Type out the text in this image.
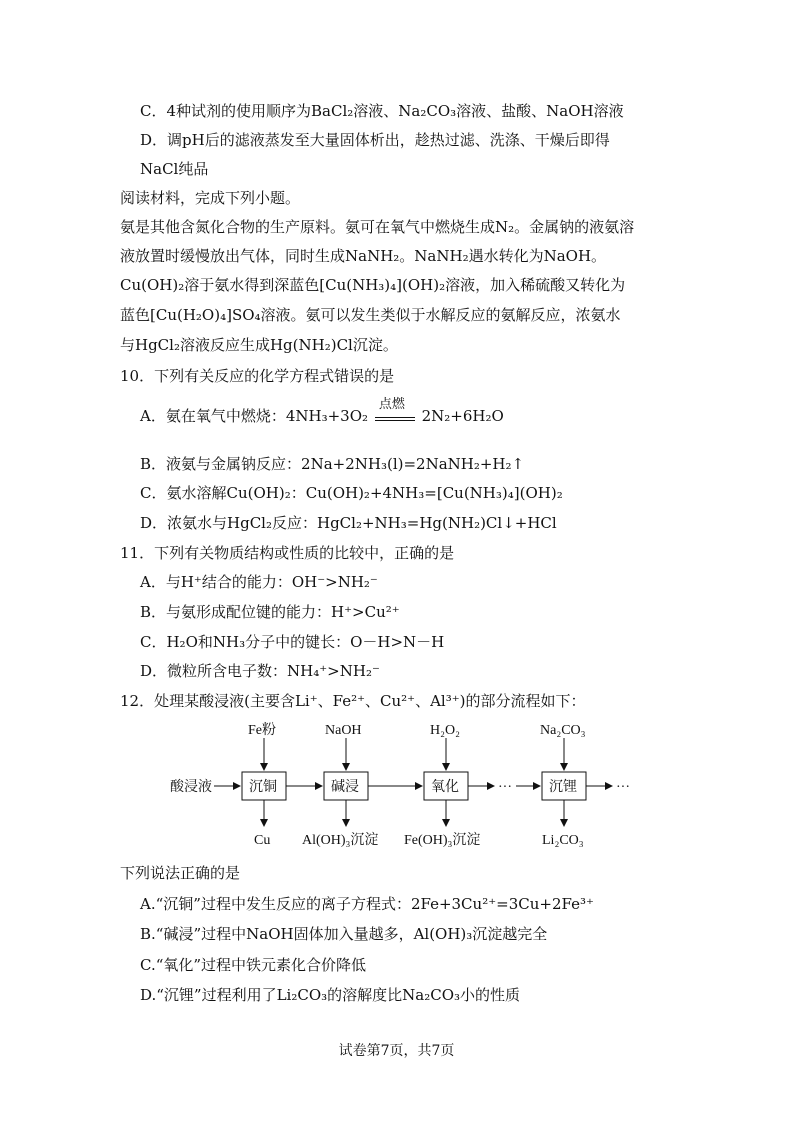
C．4种试剂的使用顺序为BaCl₂溶液、Na₂CO₃溶液、盐酸、NaOH溶液
D．调pH后的滤液蒸发至大量固体析出，趁热过滤、洗涤、干燥后即得
NaCl纯品
阅读材料，完成下列小题。
氨是其他含氮化合物的生产原料。氨可在氧气中燃烧生成N₂。金属钠的液氨溶
液放置时缓慢放出气体，同时生成NaNH₂。NaNH₂遇水转化为NaOH。
Cu(OH)₂溶于氨水得到深蓝色[Cu(NH₃)₄](OH)₂溶液，加入稀硫酸又转化为
蓝色[Cu(H₂O)₄]SO₄溶液。氨可以发生类似于水解反应的氨解反应，浓氨水
与HgCl₂溶液反应生成Hg(NH₂)Cl沉淀。
10．下列有关反应的化学方程式错误的是
A．氨在氧气中燃烧：4NH₃+3O₂
点燃
2N₂+6H₂O
B．液氨与金属钠反应：2Na+2NH₃(l)=2NaNH₂+H₂↑
C．氨水溶解Cu(OH)₂：Cu(OH)₂+4NH₃=[Cu(NH₃)₄](OH)₂
D．浓氨水与HgCl₂反应：HgCl₂+NH₃=Hg(NH₂)Cl↓+HCl
11．下列有关物质结构或性质的比较中，正确的是
A．与H⁺结合的能力：OH⁻>NH₂⁻
B．与氨形成配位键的能力：H⁺>Cu²⁺
C．H₂O和NH₃分子中的键长：O－H>N－H
D．微粒所含电子数：NH₄⁺>NH₂⁻
12．处理某酸浸液(主要含Li⁺、Fe²⁺、Cu²⁺、Al³⁺)的部分流程如下：
酸浸液	沉铜
Fe粉
Cu
碱浸
NaOH
Al(OH)₃沉淀
氧化
H₂O₂
Fe(OH)₃沉淀
···	沉锂
Na₂CO₃
Li₂CO₃
···
下列说法正确的是
A.“沉铜”过程中发生反应的离子方程式：2Fe+3Cu²⁺=3Cu+2Fe³⁺
B.“碱浸”过程中NaOH固体加入量越多，Al(OH)₃沉淀越完全
C.“氧化”过程中铁元素化合价降低
D.“沉锂”过程利用了Li₂CO₃的溶解度比Na₂CO₃小的性质
试卷第7页，共7页
